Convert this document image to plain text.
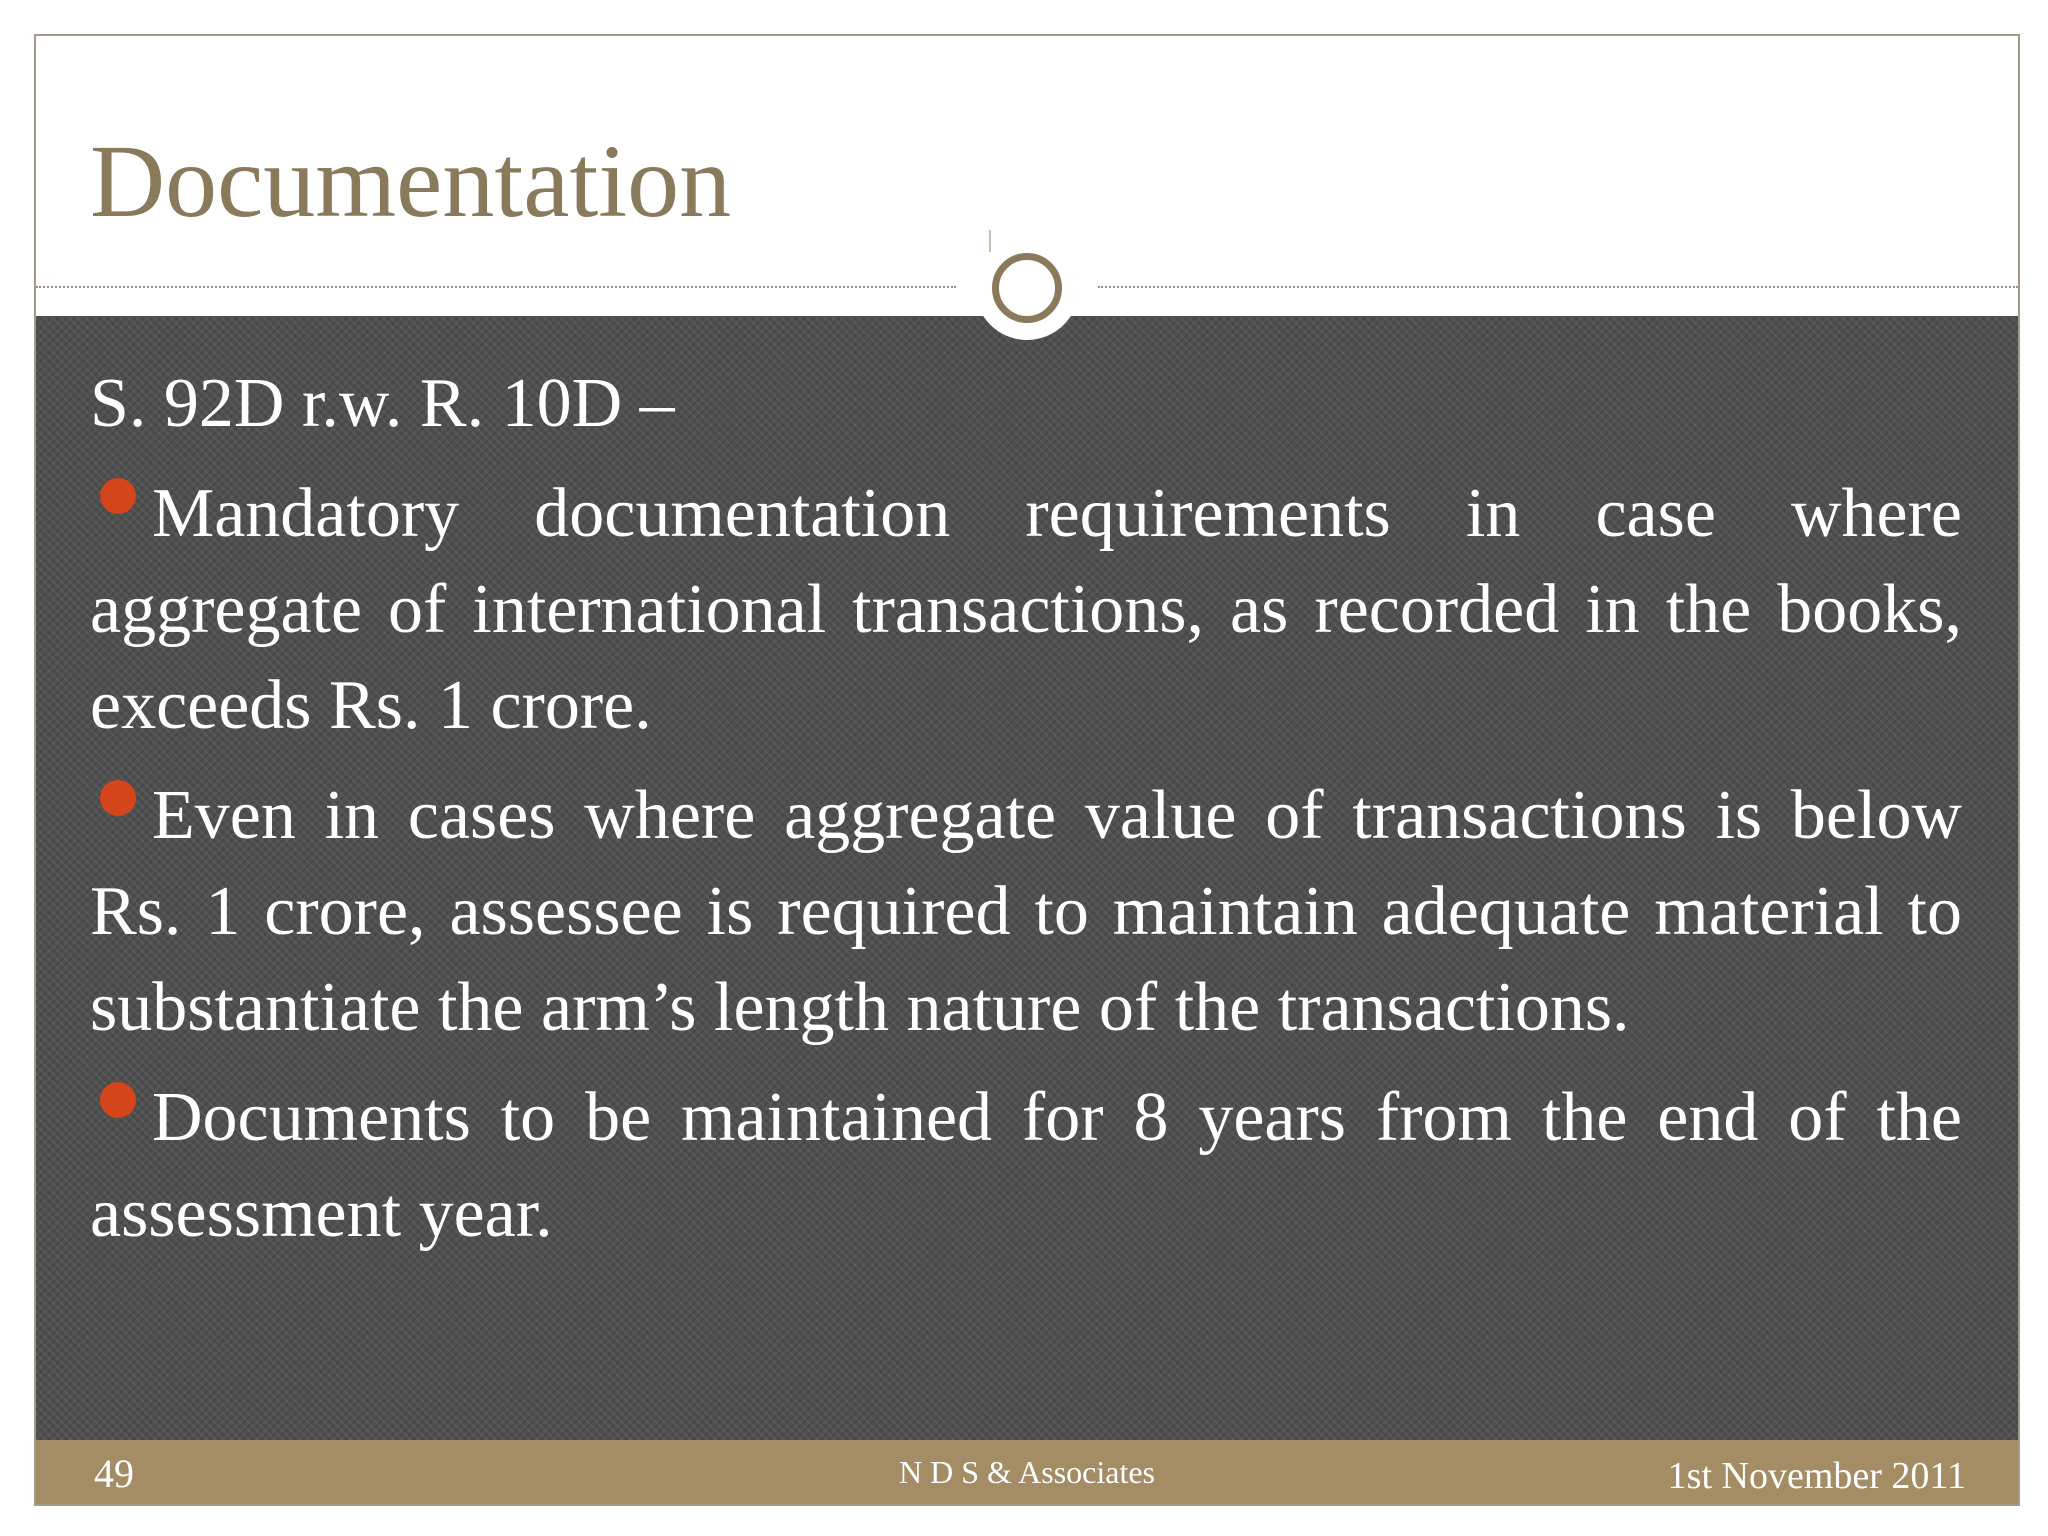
Documentation

S. 92D r.w. R. 10D –

Mandatory documentation requirements in case where aggregate of international transactions, as recorded in the books, exceeds Rs. 1 crore.

Even in cases where aggregate value of transactions is below Rs. 1 crore, assessee is required to maintain adequate material to substantiate the arm’s length nature of the transactions.

Documents to be maintained for 8 years from the end of the assessment year.

49	N D S & Associates	1st November 2011
